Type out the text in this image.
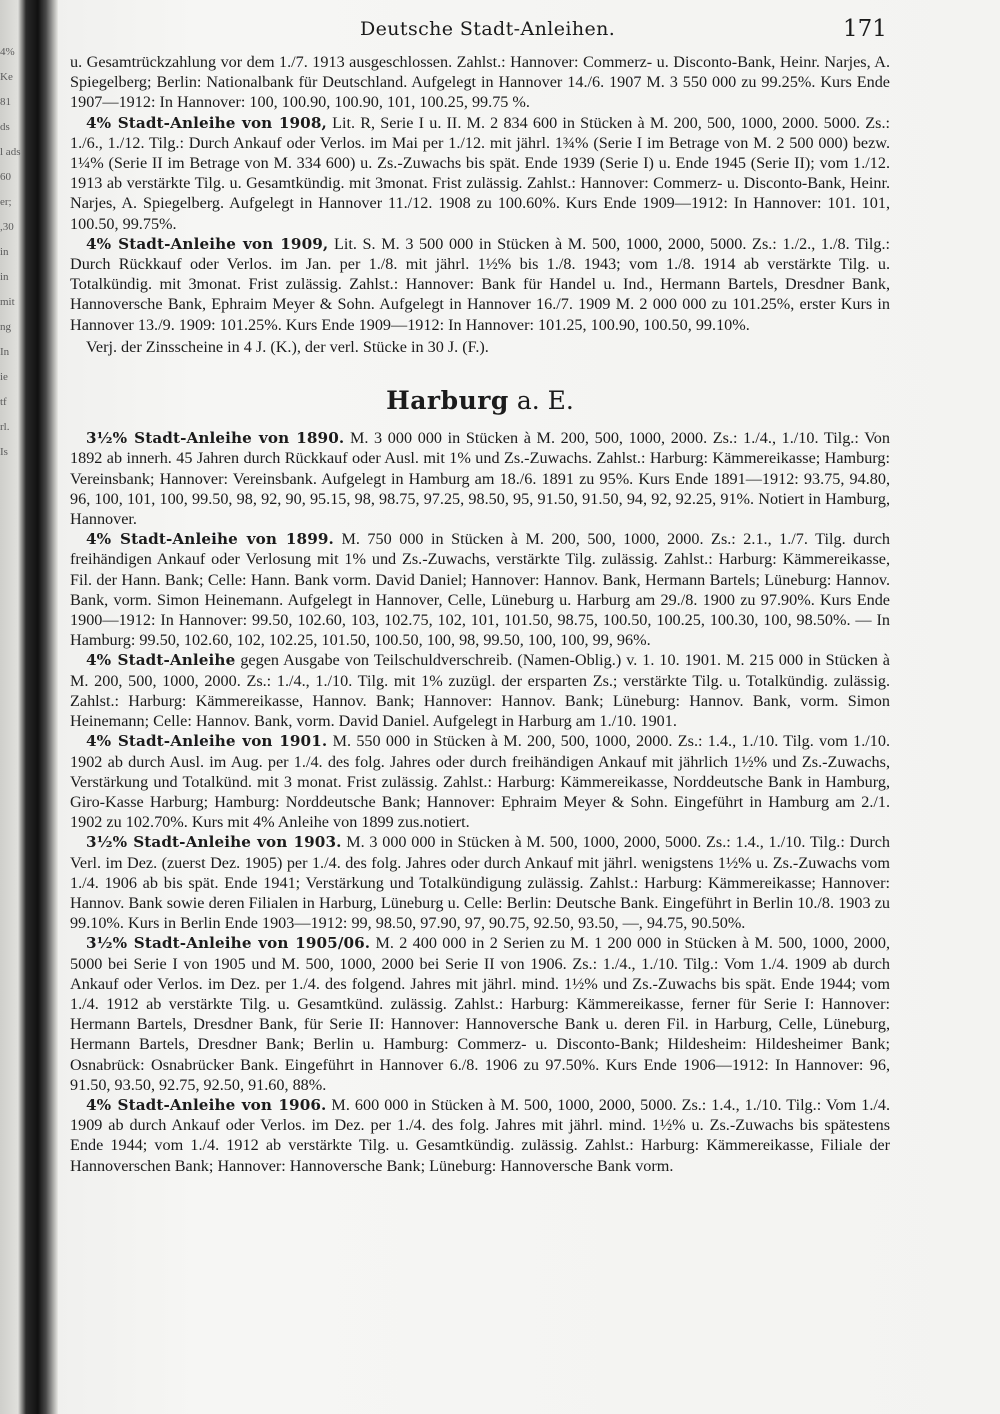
4%
Ke
81
ds
l ads
60
er;
,30
in
in
mit
ng
In
ie
tf
rl.
Is
Deutsche Stadt-Anleihen.	171

u. Gesamtrückzahlung vor dem 1./7. 1913 ausgeschlossen. Zahlst.: Hannover: Commerz- u. Disconto-Bank, Heinr. Narjes, A. Spiegelberg; Berlin: Nationalbank für Deutschland. Aufgelegt in Hannover 14./6. 1907 M. 3 550 000 zu 99.25%. Kurs Ende 1907—1912: In Hannover: 100, 100.90, 100.90, 101, 100.25, 99.75 %.

4% Stadt-Anleihe von 1908, Lit. R, Serie I u. II. M. 2 834 600 in Stücken à M. 200, 500, 1000, 2000. 5000. Zs.: 1./6., 1./12. Tilg.: Durch Ankauf oder Verlos. im Mai per 1./12. mit jährl. 1¾% (Serie I im Betrage von M. 2 500 000) bezw. 1¼% (Serie II im Betrage von M. 334 600) u. Zs.-Zuwachs bis spät. Ende 1939 (Serie I) u. Ende 1945 (Serie II); vom 1./12. 1913 ab verstärkte Tilg. u. Gesamtkündig. mit 3monat. Frist zulässig. Zahlst.: Hannover: Commerz- u. Disconto-Bank, Heinr. Narjes, A. Spiegelberg. Aufgelegt in Hannover 11./12. 1908 zu 100.60%. Kurs Ende 1909—1912: In Hannover: 101. 101, 100.50, 99.75%.

4% Stadt-Anleihe von 1909, Lit. S. M. 3 500 000 in Stücken à M. 500, 1000, 2000, 5000. Zs.: 1./2., 1./8. Tilg.: Durch Rückkauf oder Verlos. im Jan. per 1./8. mit jährl. 1½% bis 1./8. 1943; vom 1./8. 1914 ab verstärkte Tilg. u. Totalkündig. mit 3monat. Frist zulässig. Zahlst.: Hannover: Bank für Handel u. Ind., Hermann Bartels, Dresdner Bank, Hannoversche Bank, Ephraim Meyer & Sohn. Aufgelegt in Hannover 16./7. 1909 M. 2 000 000 zu 101.25%, erster Kurs in Hannover 13./9. 1909: 101.25%. Kurs Ende 1909—1912: In Hannover: 101.25, 100.90, 100.50, 99.10%.

Verj. der Zinsscheine in 4 J. (K.), der verl. Stücke in 30 J. (F.).

Harburg a. E.

3½% Stadt-Anleihe von 1890. M. 3 000 000 in Stücken à M. 200, 500, 1000, 2000. Zs.: 1./4., 1./10. Tilg.: Von 1892 ab innerh. 45 Jahren durch Rückkauf oder Ausl. mit 1% und Zs.-Zuwachs. Zahlst.: Harburg: Kämmereikasse; Hamburg: Vereinsbank; Hannover: Vereinsbank. Aufgelegt in Hamburg am 18./6. 1891 zu 95%. Kurs Ende 1891—1912: 93.75, 94.80, 96, 100, 101, 100, 99.50, 98, 92, 90, 95.15, 98, 98.75, 97.25, 98.50, 95, 91.50, 91.50, 94, 92, 92.25, 91%. Notiert in Hamburg, Hannover.

4% Stadt-Anleihe von 1899. M. 750 000 in Stücken à M. 200, 500, 1000, 2000. Zs.: 2.1., 1./7. Tilg. durch freihändigen Ankauf oder Verlosung mit 1% und Zs.-Zuwachs, verstärkte Tilg. zulässig. Zahlst.: Harburg: Kämmereikasse, Fil. der Hann. Bank; Celle: Hann. Bank vorm. David Daniel; Hannover: Hannov. Bank, Hermann Bartels; Lüneburg: Hannov. Bank, vorm. Simon Heinemann. Aufgelegt in Hannover, Celle, Lüneburg u. Harburg am 29./8. 1900 zu 97.90%. Kurs Ende 1900—1912: In Hannover: 99.50, 102.60, 103, 102.75, 102, 101, 101.50, 98.75, 100.50, 100.25, 100.30, 100, 98.50%. — In Hamburg: 99.50, 102.60, 102, 102.25, 101.50, 100.50, 100, 98, 99.50, 100, 100, 99, 96%.

4% Stadt-Anleihe gegen Ausgabe von Teilschuldverschreib. (Namen-Oblig.) v. 1. 10. 1901. M. 215 000 in Stücken à M. 200, 500, 1000, 2000. Zs.: 1./4., 1./10. Tilg. mit 1% zuzügl. der ersparten Zs.; verstärkte Tilg. u. Totalkündig. zulässig. Zahlst.: Harburg: Kämmereikasse, Hannov. Bank; Hannover: Hannov. Bank; Lüneburg: Hannov. Bank, vorm. Simon Heinemann; Celle: Hannov. Bank, vorm. David Daniel. Aufgelegt in Harburg am 1./10. 1901.

4% Stadt-Anleihe von 1901. M. 550 000 in Stücken à M. 200, 500, 1000, 2000. Zs.: 1.4., 1./10. Tilg. vom 1./10. 1902 ab durch Ausl. im Aug. per 1./4. des folg. Jahres oder durch freihändigen Ankauf mit jährlich 1½% und Zs.-Zuwachs, Verstärkung und Totalkünd. mit 3 monat. Frist zulässig. Zahlst.: Harburg: Kämmereikasse, Norddeutsche Bank in Hamburg, Giro-Kasse Harburg; Hamburg: Norddeutsche Bank; Hannover: Ephraim Meyer & Sohn. Eingeführt in Hamburg am 2./1. 1902 zu 102.70%. Kurs mit 4% Anleihe von 1899 zus.notiert.

3½% Stadt-Anleihe von 1903. M. 3 000 000 in Stücken à M. 500, 1000, 2000, 5000. Zs.: 1.4., 1./10. Tilg.: Durch Verl. im Dez. (zuerst Dez. 1905) per 1./4. des folg. Jahres oder durch Ankauf mit jährl. wenigstens 1½% u. Zs.-Zuwachs vom 1./4. 1906 ab bis spät. Ende 1941; Verstärkung und Totalkündigung zulässig. Zahlst.: Harburg: Kämmereikasse; Hannover: Hannov. Bank sowie deren Filialen in Harburg, Lüneburg u. Celle: Berlin: Deutsche Bank. Eingeführt in Berlin 10./8. 1903 zu 99.10%. Kurs in Berlin Ende 1903—1912: 99, 98.50, 97.90, 97, 90.75, 92.50, 93.50, —, 94.75, 90.50%.

3½% Stadt-Anleihe von 1905/06. M. 2 400 000 in 2 Serien zu M. 1 200 000 in Stücken à M. 500, 1000, 2000, 5000 bei Serie I von 1905 und M. 500, 1000, 2000 bei Serie II von 1906. Zs.: 1./4., 1./10. Tilg.: Vom 1./4. 1909 ab durch Ankauf oder Verlos. im Dez. per 1./4. des folgend. Jahres mit jährl. mind. 1½% und Zs.-Zuwachs bis spät. Ende 1944; vom 1./4. 1912 ab verstärkte Tilg. u. Gesamtkünd. zulässig. Zahlst.: Harburg: Kämmereikasse, ferner für Serie I: Hannover: Hermann Bartels, Dresdner Bank, für Serie II: Hannover: Hannoversche Bank u. deren Fil. in Harburg, Celle, Lüneburg, Hermann Bartels, Dresdner Bank; Berlin u. Hamburg: Commerz- u. Disconto-Bank; Hildesheim: Hildesheimer Bank; Osnabrück: Osnabrücker Bank. Eingeführt in Hannover 6./8. 1906 zu 97.50%. Kurs Ende 1906—1912: In Hannover: 96, 91.50, 93.50, 92.75, 92.50, 91.60, 88%.

4% Stadt-Anleihe von 1906. M. 600 000 in Stücken à M. 500, 1000, 2000, 5000. Zs.: 1.4., 1./10. Tilg.: Vom 1./4. 1909 ab durch Ankauf oder Verlos. im Dez. per 1./4. des folg. Jahres mit jährl. mind. 1½% u. Zs.-Zuwachs bis spätestens Ende 1944; vom 1./4. 1912 ab verstärkte Tilg. u. Gesamtkündig. zulässig. Zahlst.: Harburg: Kämmereikasse, Filiale der Hannoverschen Bank; Hannover: Hannoversche Bank; Lüneburg: Hannoversche Bank vorm.
